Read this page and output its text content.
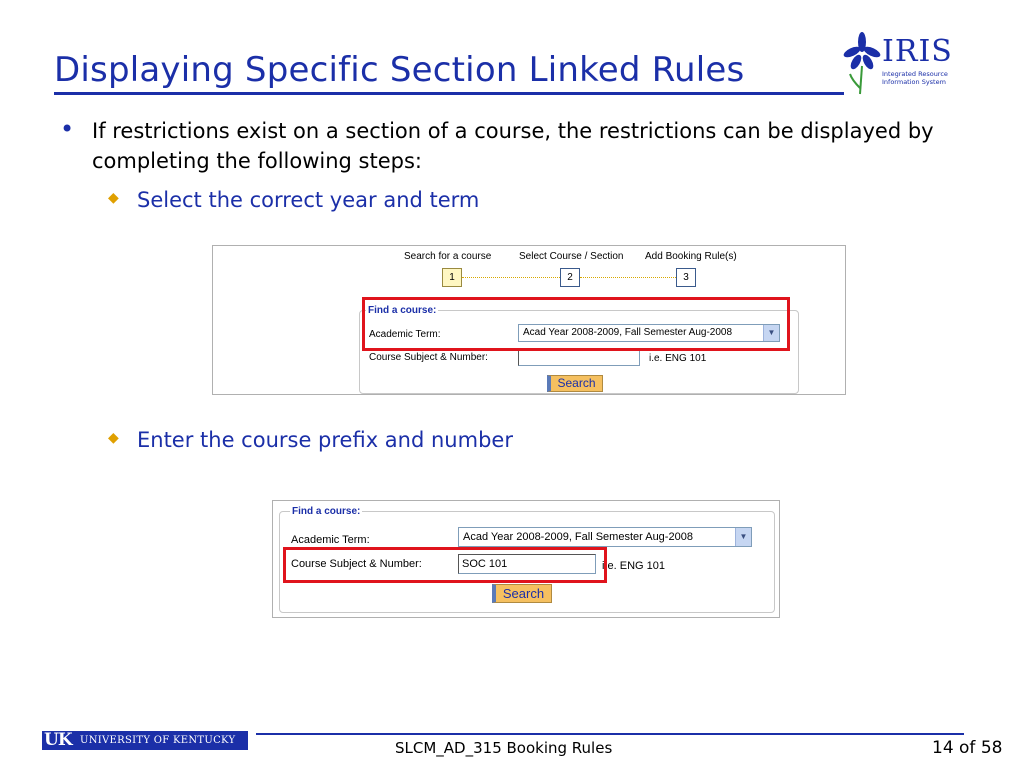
Displaying Specific Section Linked Rules	IRIS
Integrated Resource
Information System
• If restrictions exist on a section of a course, the restrictions can be displayed by completing the following steps:
◆ Select the correct year and term
◆ Enter the course prefix and number
Search for a course	Select Course / Section Add Booking Rule(s)
1	2	3
Find a course:
Academic Term:	Acad Year 2008-2009, Fall Semester Aug-2008	▼
Course Subject & Number:	i.e. ENG 101
Search
Find a course:
Academic Term:	Acad Year 2008-2009, Fall Semester Aug-2008	▼
Course Subject & Number:	SOC 101	i.e. ENG 101
Search
UK UNIVERSITY OF KENTUCKY	SLCM_AD_315 Booking Rules	14 of 58
